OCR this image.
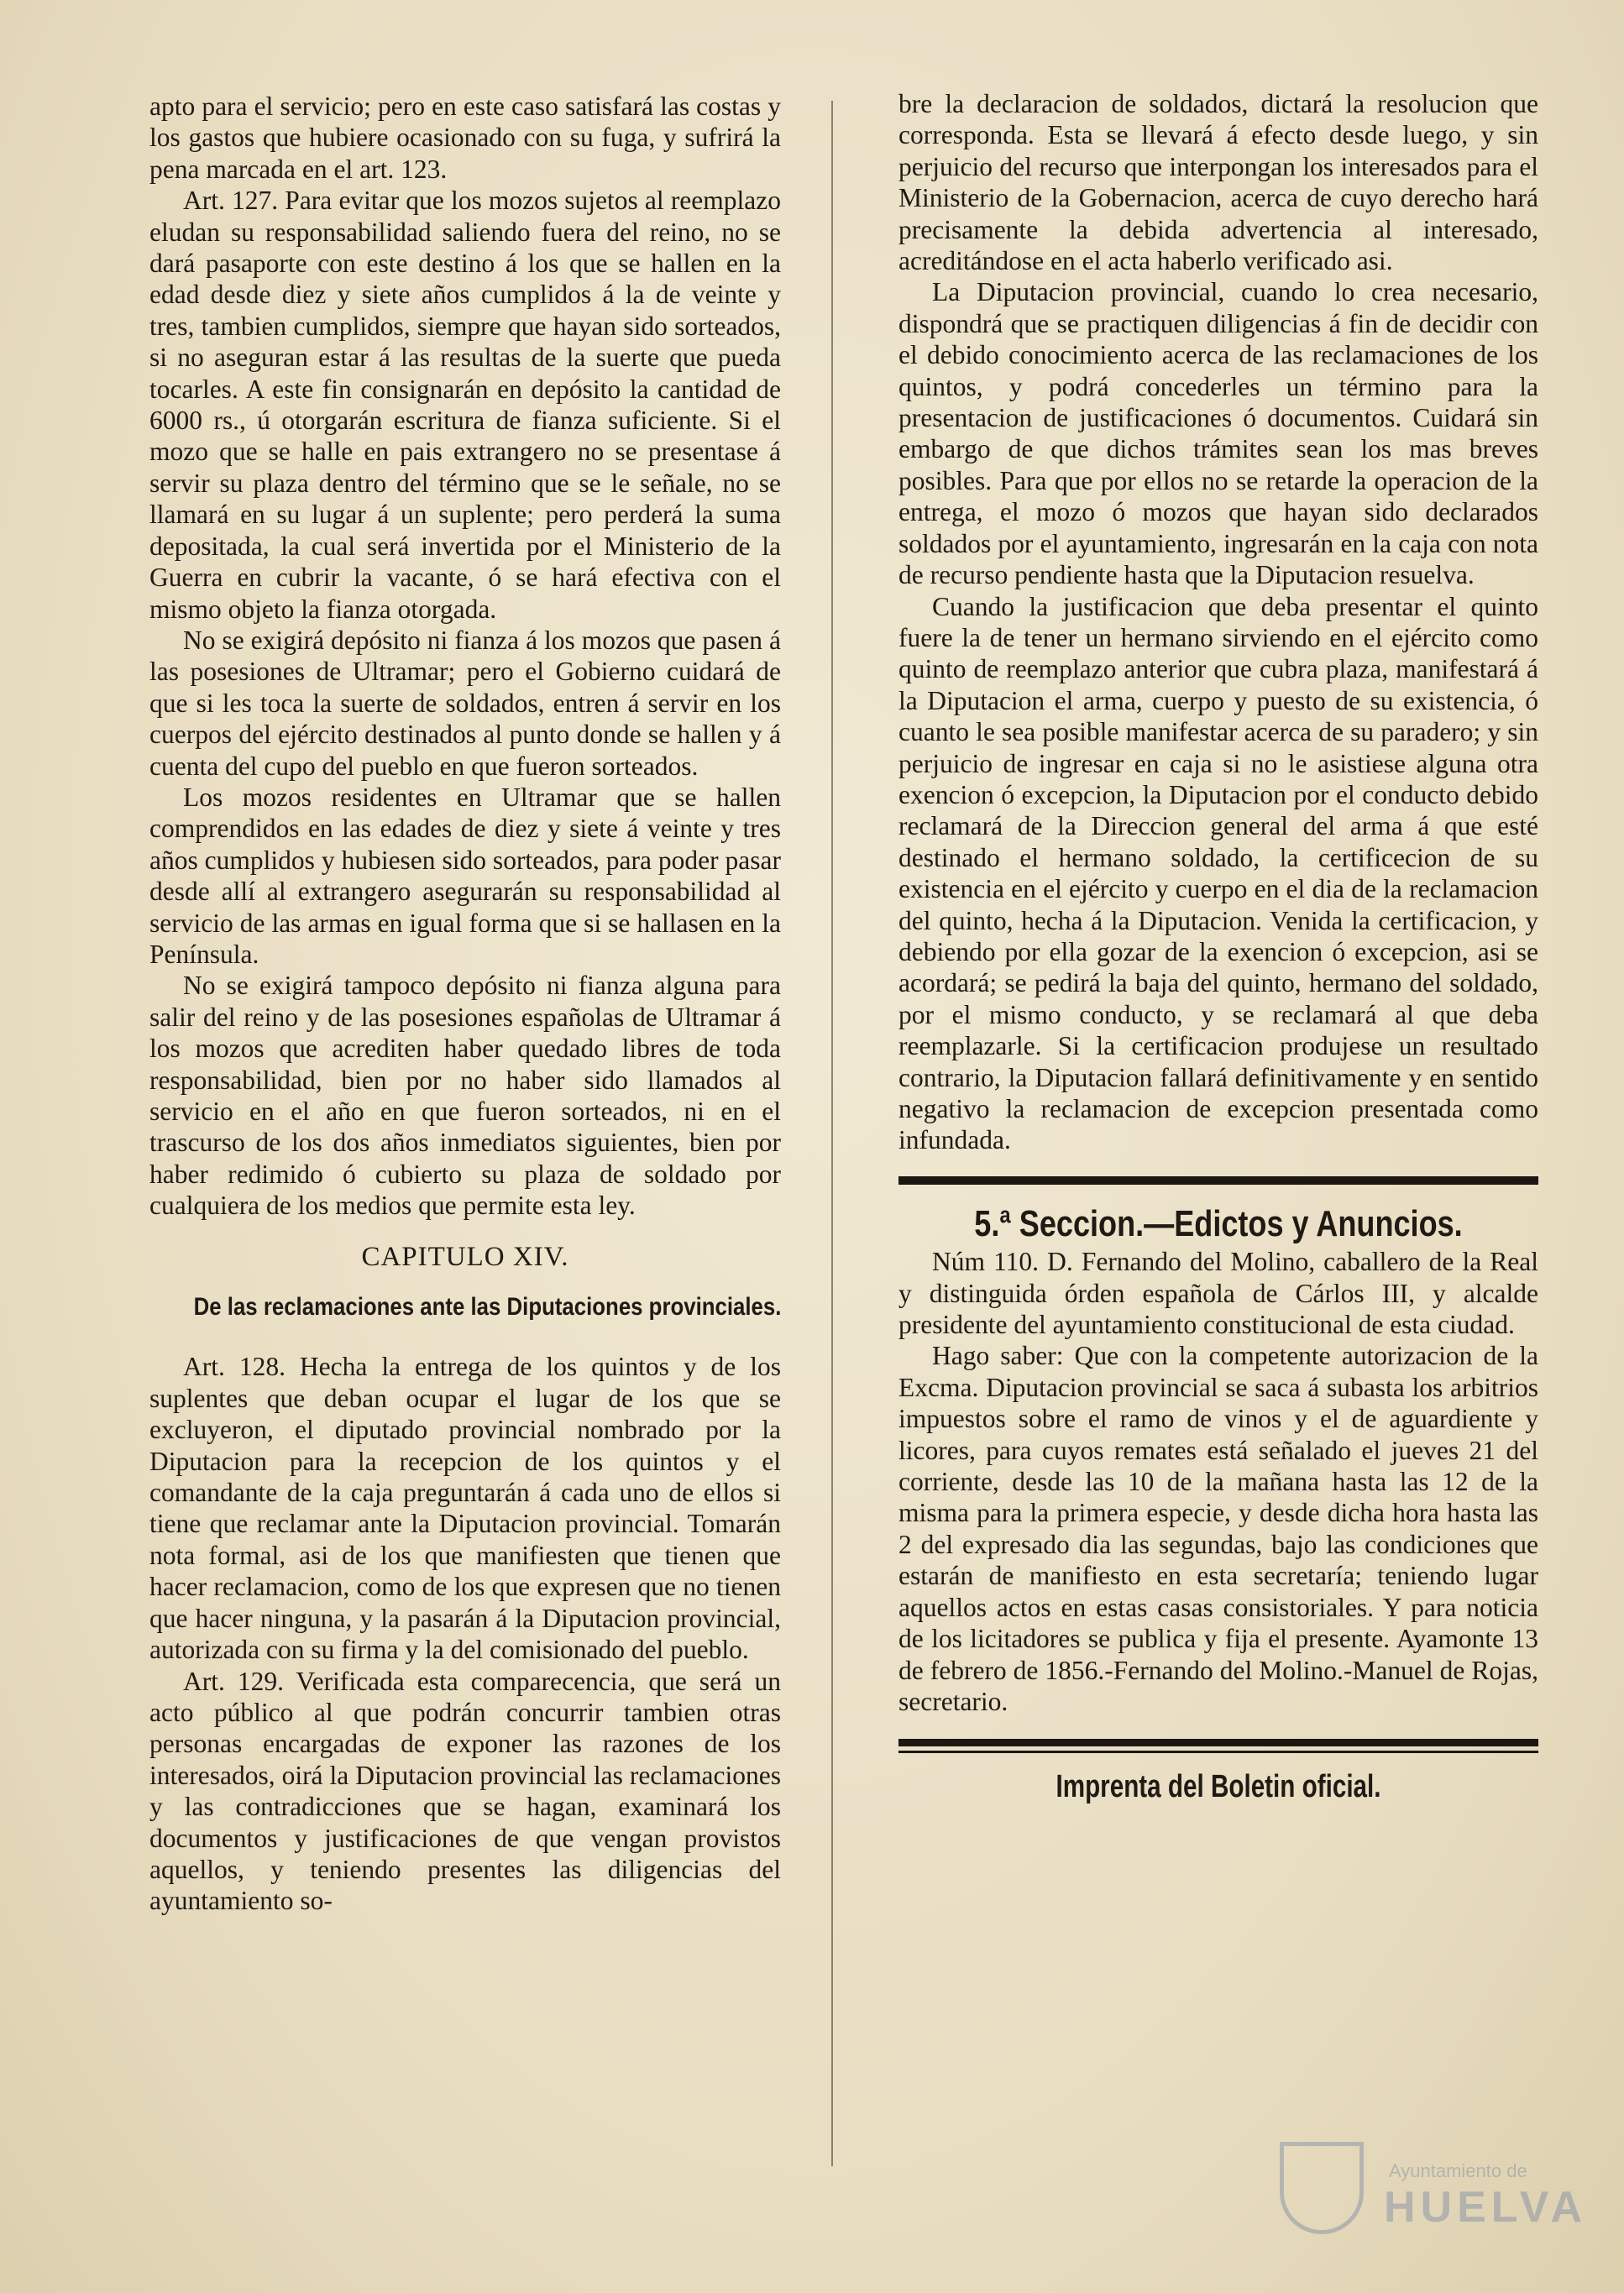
apto para el servicio; pero en este caso satisfará las costas y los gastos que hubiere ocasionado con su fuga, y sufrirá la pena marcada en el art. 123.

Art. 127. Para evitar que los mozos sujetos al reemplazo eludan su responsabilidad saliendo fuera del reino, no se dará pasaporte con este destino á los que se hallen en la edad desde diez y siete años cumplidos á la de veinte y tres, tambien cumplidos, siempre que hayan sido sorteados, si no aseguran estar á las resultas de la suerte que pueda tocarles. A este fin consignarán en depósito la cantidad de 6000 rs., ú otorgarán escritura de fianza suficiente. Si el mozo que se halle en pais extrangero no se presentase á servir su plaza dentro del término que se le señale, no se llamará en su lugar á un suplente; pero perderá la suma depositada, la cual será invertida por el Ministerio de la Guerra en cubrir la vacante, ó se hará efectiva con el mismo objeto la fianza otorgada.

No se exigirá depósito ni fianza á los mozos que pasen á las posesiones de Ultramar; pero el Gobierno cuidará de que si les toca la suerte de soldados, entren á servir en los cuerpos del ejército destinados al punto donde se hallen y á cuenta del cupo del pueblo en que fueron sorteados.

Los mozos residentes en Ultramar que se hallen comprendidos en las edades de diez y siete á veinte y tres años cumplidos y hubiesen sido sorteados, para poder pasar desde allí al extrangero asegurarán su responsabilidad al servicio de las armas en igual forma que si se hallasen en la Península.

No se exigirá tampoco depósito ni fianza alguna para salir del reino y de las posesiones españolas de Ultramar á los mozos que acrediten haber quedado libres de toda responsabilidad, bien por no haber sido llamados al servicio en el año en que fueron sorteados, ni en el trascurso de los dos años inmediatos siguientes, bien por haber redimido ó cubierto su plaza de soldado por cualquiera de los medios que permite esta ley.

CAPITULO XIV.

De las reclamaciones ante las Diputaciones provinciales.

Art. 128. Hecha la entrega de los quintos y de los suplentes que deban ocupar el lugar de los que se excluyeron, el diputado provincial nombrado por la Diputacion para la recepcion de los quintos y el comandante de la caja preguntarán á cada uno de ellos si tiene que reclamar ante la Diputacion provincial. Tomarán nota formal, asi de los que manifiesten que tienen que hacer reclamacion, como de los que expresen que no tienen que hacer ninguna, y la pasarán á la Diputacion provincial, autorizada con su firma y la del comisionado del pueblo.

Art. 129. Verificada esta comparecencia, que será un acto público al que podrán concurrir tambien otras personas encargadas de exponer las razones de los interesados, oirá la Diputacion provincial las reclamaciones y las contradicciones que se hagan, examinará los documentos y justificaciones de que vengan provistos aquellos, y teniendo presentes las diligencias del ayuntamiento so-

bre la declaracion de soldados, dictará la resolucion que corresponda. Esta se llevará á efecto desde luego, y sin perjuicio del recurso que interpongan los interesados para el Ministerio de la Gobernacion, acerca de cuyo derecho hará precisamente la debida advertencia al interesado, acreditándose en el acta haberlo verificado asi.

La Diputacion provincial, cuando lo crea necesario, dispondrá que se practiquen diligencias á fin de decidir con el debido conocimiento acerca de las reclamaciones de los quintos, y podrá concederles un término para la presentacion de justificaciones ó documentos. Cuidará sin embargo de que dichos trámites sean los mas breves posibles. Para que por ellos no se retarde la operacion de la entrega, el mozo ó mozos que hayan sido declarados soldados por el ayuntamiento, ingresarán en la caja con nota de recurso pendiente hasta que la Diputacion resuelva.

Cuando la justificacion que deba presentar el quinto fuere la de tener un hermano sirviendo en el ejército como quinto de reemplazo anterior que cubra plaza, manifestará á la Diputacion el arma, cuerpo y puesto de su existencia, ó cuanto le sea posible manifestar acerca de su paradero; y sin perjuicio de ingresar en caja si no le asistiese alguna otra exencion ó excepcion, la Diputacion por el conducto debido reclamará de la Direccion general del arma á que esté destinado el hermano soldado, la certificecion de su existencia en el ejército y cuerpo en el dia de la reclamacion del quinto, hecha á la Diputacion. Venida la certificacion, y debiendo por ella gozar de la exencion ó excepcion, asi se acordará; se pedirá la baja del quinto, hermano del soldado, por el mismo conducto, y se reclamará al que deba reemplazarle. Si la certificacion produjese un resultado contrario, la Diputacion fallará definitivamente y en sentido negativo la reclamacion de excepcion presentada como infundada.

5.ª Seccion.—Edictos y Anuncios.

Núm 110. D. Fernando del Molino, caballero de la Real y distinguida órden española de Cárlos III, y alcalde presidente del ayuntamiento constitucional de esta ciudad.

Hago saber: Que con la competente autorizacion de la Excma. Diputacion provincial se saca á subasta los arbitrios impuestos sobre el ramo de vinos y el de aguardiente y licores, para cuyos remates está señalado el jueves 21 del corriente, desde las 10 de la mañana hasta las 12 de la misma para la primera especie, y desde dicha hora hasta las 2 del expresado dia las segundas, bajo las condiciones que estarán de manifiesto en esta secretaría; teniendo lugar aquellos actos en estas casas consistoriales. Y para noticia de los licitadores se publica y fija el presente. Ayamonte 13 de febrero de 1856.-Fernando del Molino.-Manuel de Rojas, secretario.

Imprenta del Boletin oficial.
Ayuntamiento de
HUELVA
